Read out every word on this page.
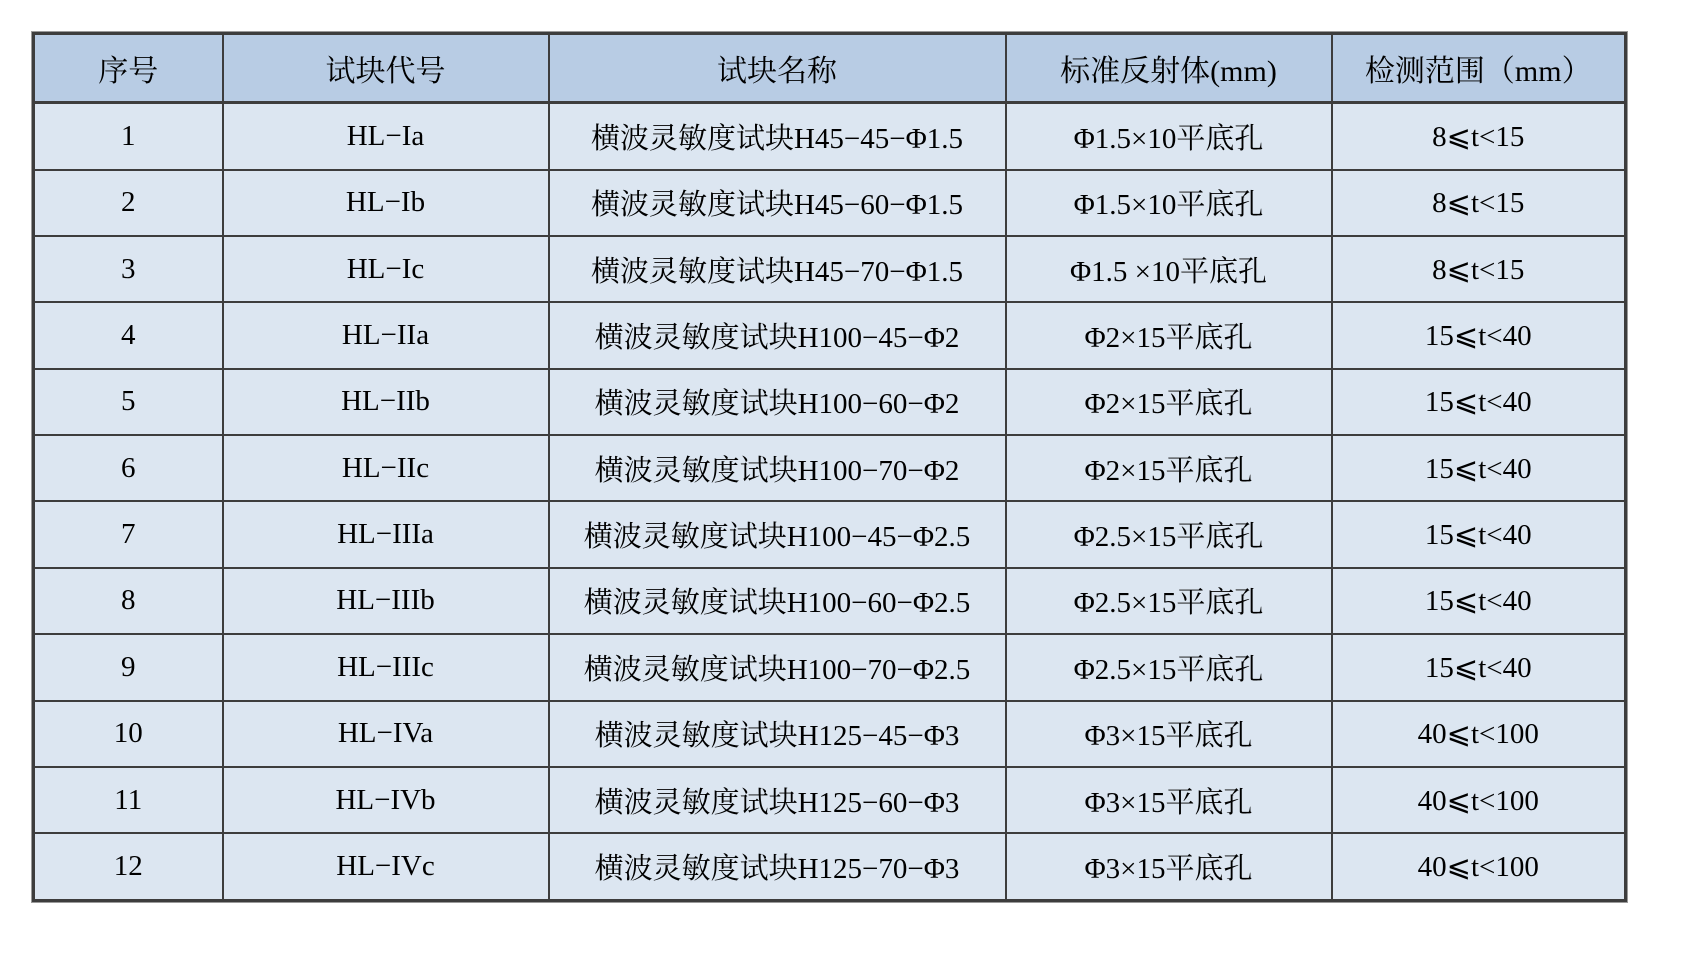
序号	试块代号	试块名称	标准反射体(mm)	检测范围（mm）
1	HL−Ia	横波灵敏度试块H45−45−Φ1.5	Φ1.5×10平底孔	8⩽t<15
2	HL−Ib	横波灵敏度试块H45−60−Φ1.5	Φ1.5×10平底孔	8⩽t<15
3	HL−Ic	横波灵敏度试块H45−70−Φ1.5	Φ1.5 ×10平底孔	8⩽t<15
4	HL−IIa	横波灵敏度试块H100−45−Φ2	Φ2×15平底孔	15⩽t<40
5	HL−IIb	横波灵敏度试块H100−60−Φ2	Φ2×15平底孔	15⩽t<40
6	HL−IIc	横波灵敏度试块H100−70−Φ2	Φ2×15平底孔	15⩽t<40
7	HL−IIIa	横波灵敏度试块H100−45−Φ2.5	Φ2.5×15平底孔	15⩽t<40
8	HL−IIIb	横波灵敏度试块H100−60−Φ2.5	Φ2.5×15平底孔	15⩽t<40
9	HL−IIIc	横波灵敏度试块H100−70−Φ2.5	Φ2.5×15平底孔	15⩽t<40
10	HL−IVa	横波灵敏度试块H125−45−Φ3	Φ3×15平底孔	40⩽t<100
11	HL−IVb	横波灵敏度试块H125−60−Φ3	Φ3×15平底孔	40⩽t<100
12	HL−IVc	横波灵敏度试块H125−70−Φ3	Φ3×15平底孔	40⩽t<100
